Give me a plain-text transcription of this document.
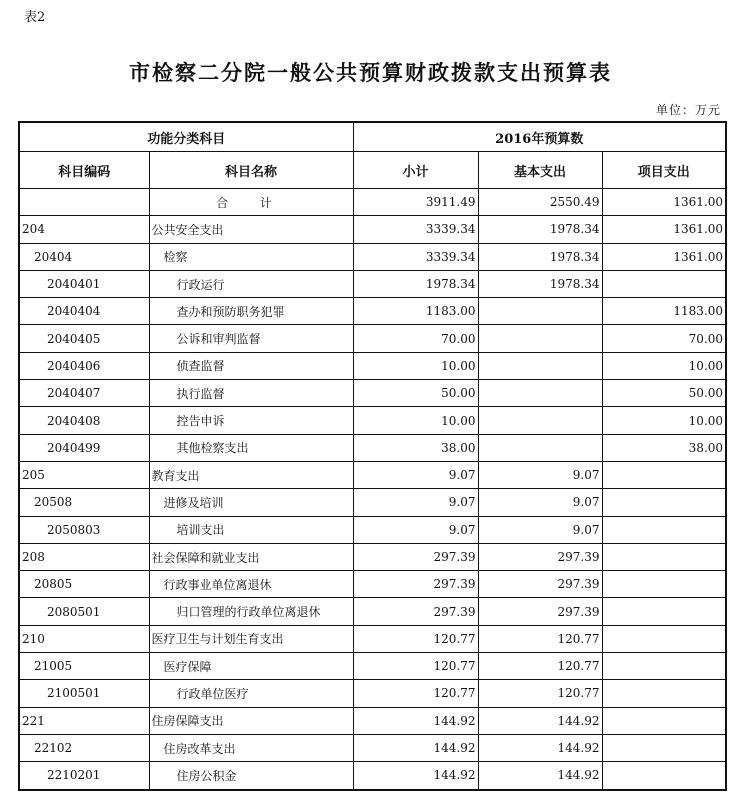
表2
市检察二分院一般公共预算财政拨款支出预算表
单位：万元
功能分类科目		2016年预算数		
科目编码	科目名称	小计	基本支出	项目支出
	合 计	3911.49	2550.49	1361.00
204	公共安全支出	3339.34	1978.34	1361.00
20404	检察	3339.34	1978.34	1361.00
2040401	行政运行	1978.34	1978.34	
2040404	查办和预防职务犯罪	1183.00		1183.00
2040405	公诉和审判监督	70.00		70.00
2040406	侦查监督	10.00		10.00
2040407	执行监督	50.00		50.00
2040408	控告申诉	10.00		10.00
2040499	其他检察支出	38.00		38.00
205	教育支出	9.07	9.07	
20508	进修及培训	9.07	9.07	
2050803	培训支出	9.07	9.07	
208	社会保障和就业支出	297.39	297.39	
20805	行政事业单位离退休	297.39	297.39	
2080501	归口管理的行政单位离退休	297.39	297.39	
210	医疗卫生与计划生育支出	120.77	120.77	
21005	医疗保障	120.77	120.77	
2100501	行政单位医疗	120.77	120.77	
221	住房保障支出	144.92	144.92	
22102	住房改革支出	144.92	144.92	
2210201	住房公积金	144.92	144.92	
